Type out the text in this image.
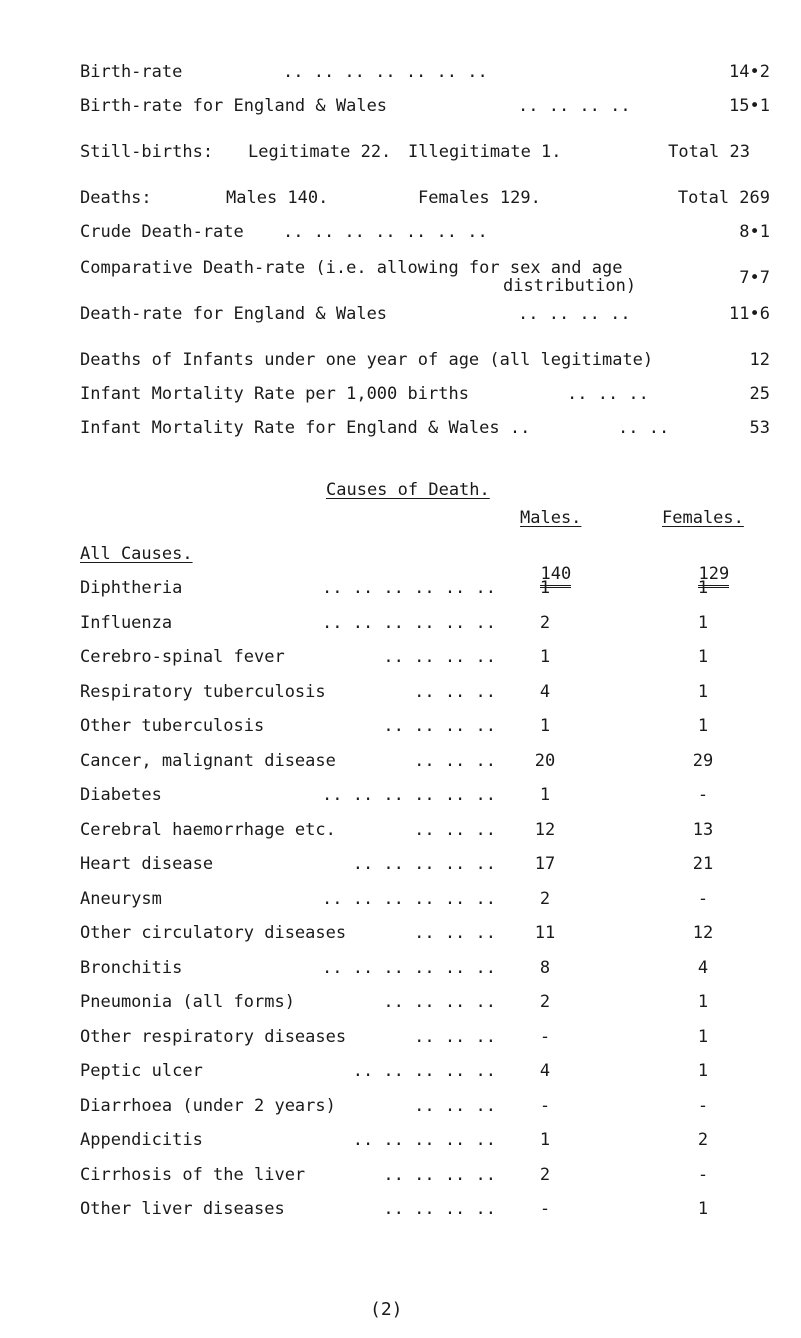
Birth-rate	.. .. .. .. .. .. ..	14•2
Birth-rate for England & Wales	.. .. .. ..	15•1
Still-births: Legitimate 22. Illegitimate 1.	Total 23
Deaths:	Males 140.	Females 129.	Total 269
Crude Death-rate .. .. .. .. .. .. ..	8•1
Comparative Death-rate (i.e. allowing for sex and age
distribution)	7•7
Death-rate for England & Wales	.. .. .. ..	11•6
Deaths of Infants under one year of age (all legitimate)	12
Infant Mortality Rate per 1,000 births	.. .. ..	25
Infant Mortality Rate for England & Wales ..	.. ..	53
Causes of Death.
Males.	Females.
All Causes.

140	129

Diphtheria	.. .. .. .. .. ..	1	1
Influenza	.. .. .. .. .. ..	2	1
Cerebro-spinal fever	.. .. .. ..	1	1
Respiratory tuberculosis	.. .. ..	4	1
Other tuberculosis	.. .. .. ..	1	1
Cancer, malignant disease	.. .. ..	20	29
Diabetes	.. .. .. .. .. ..	1	-
Cerebral haemorrhage etc.	.. .. ..	12	13
Heart disease	.. .. .. .. ..	17	21
Aneurysm	.. .. .. .. .. ..	2	-
Other circulatory diseases	.. .. ..	11	12
Bronchitis	.. .. .. .. .. ..	8	4
Pneumonia (all forms)	.. .. .. ..	2	1
Other respiratory diseases	.. .. ..	-	1
Peptic ulcer	.. .. .. .. ..	4	1
Diarrhoea (under 2 years)	.. .. ..	-	-
Appendicitis	.. .. .. .. ..	1	2
Cirrhosis of the liver	.. .. .. ..	2	-
Other liver diseases	.. .. .. ..	-	1
(2)
